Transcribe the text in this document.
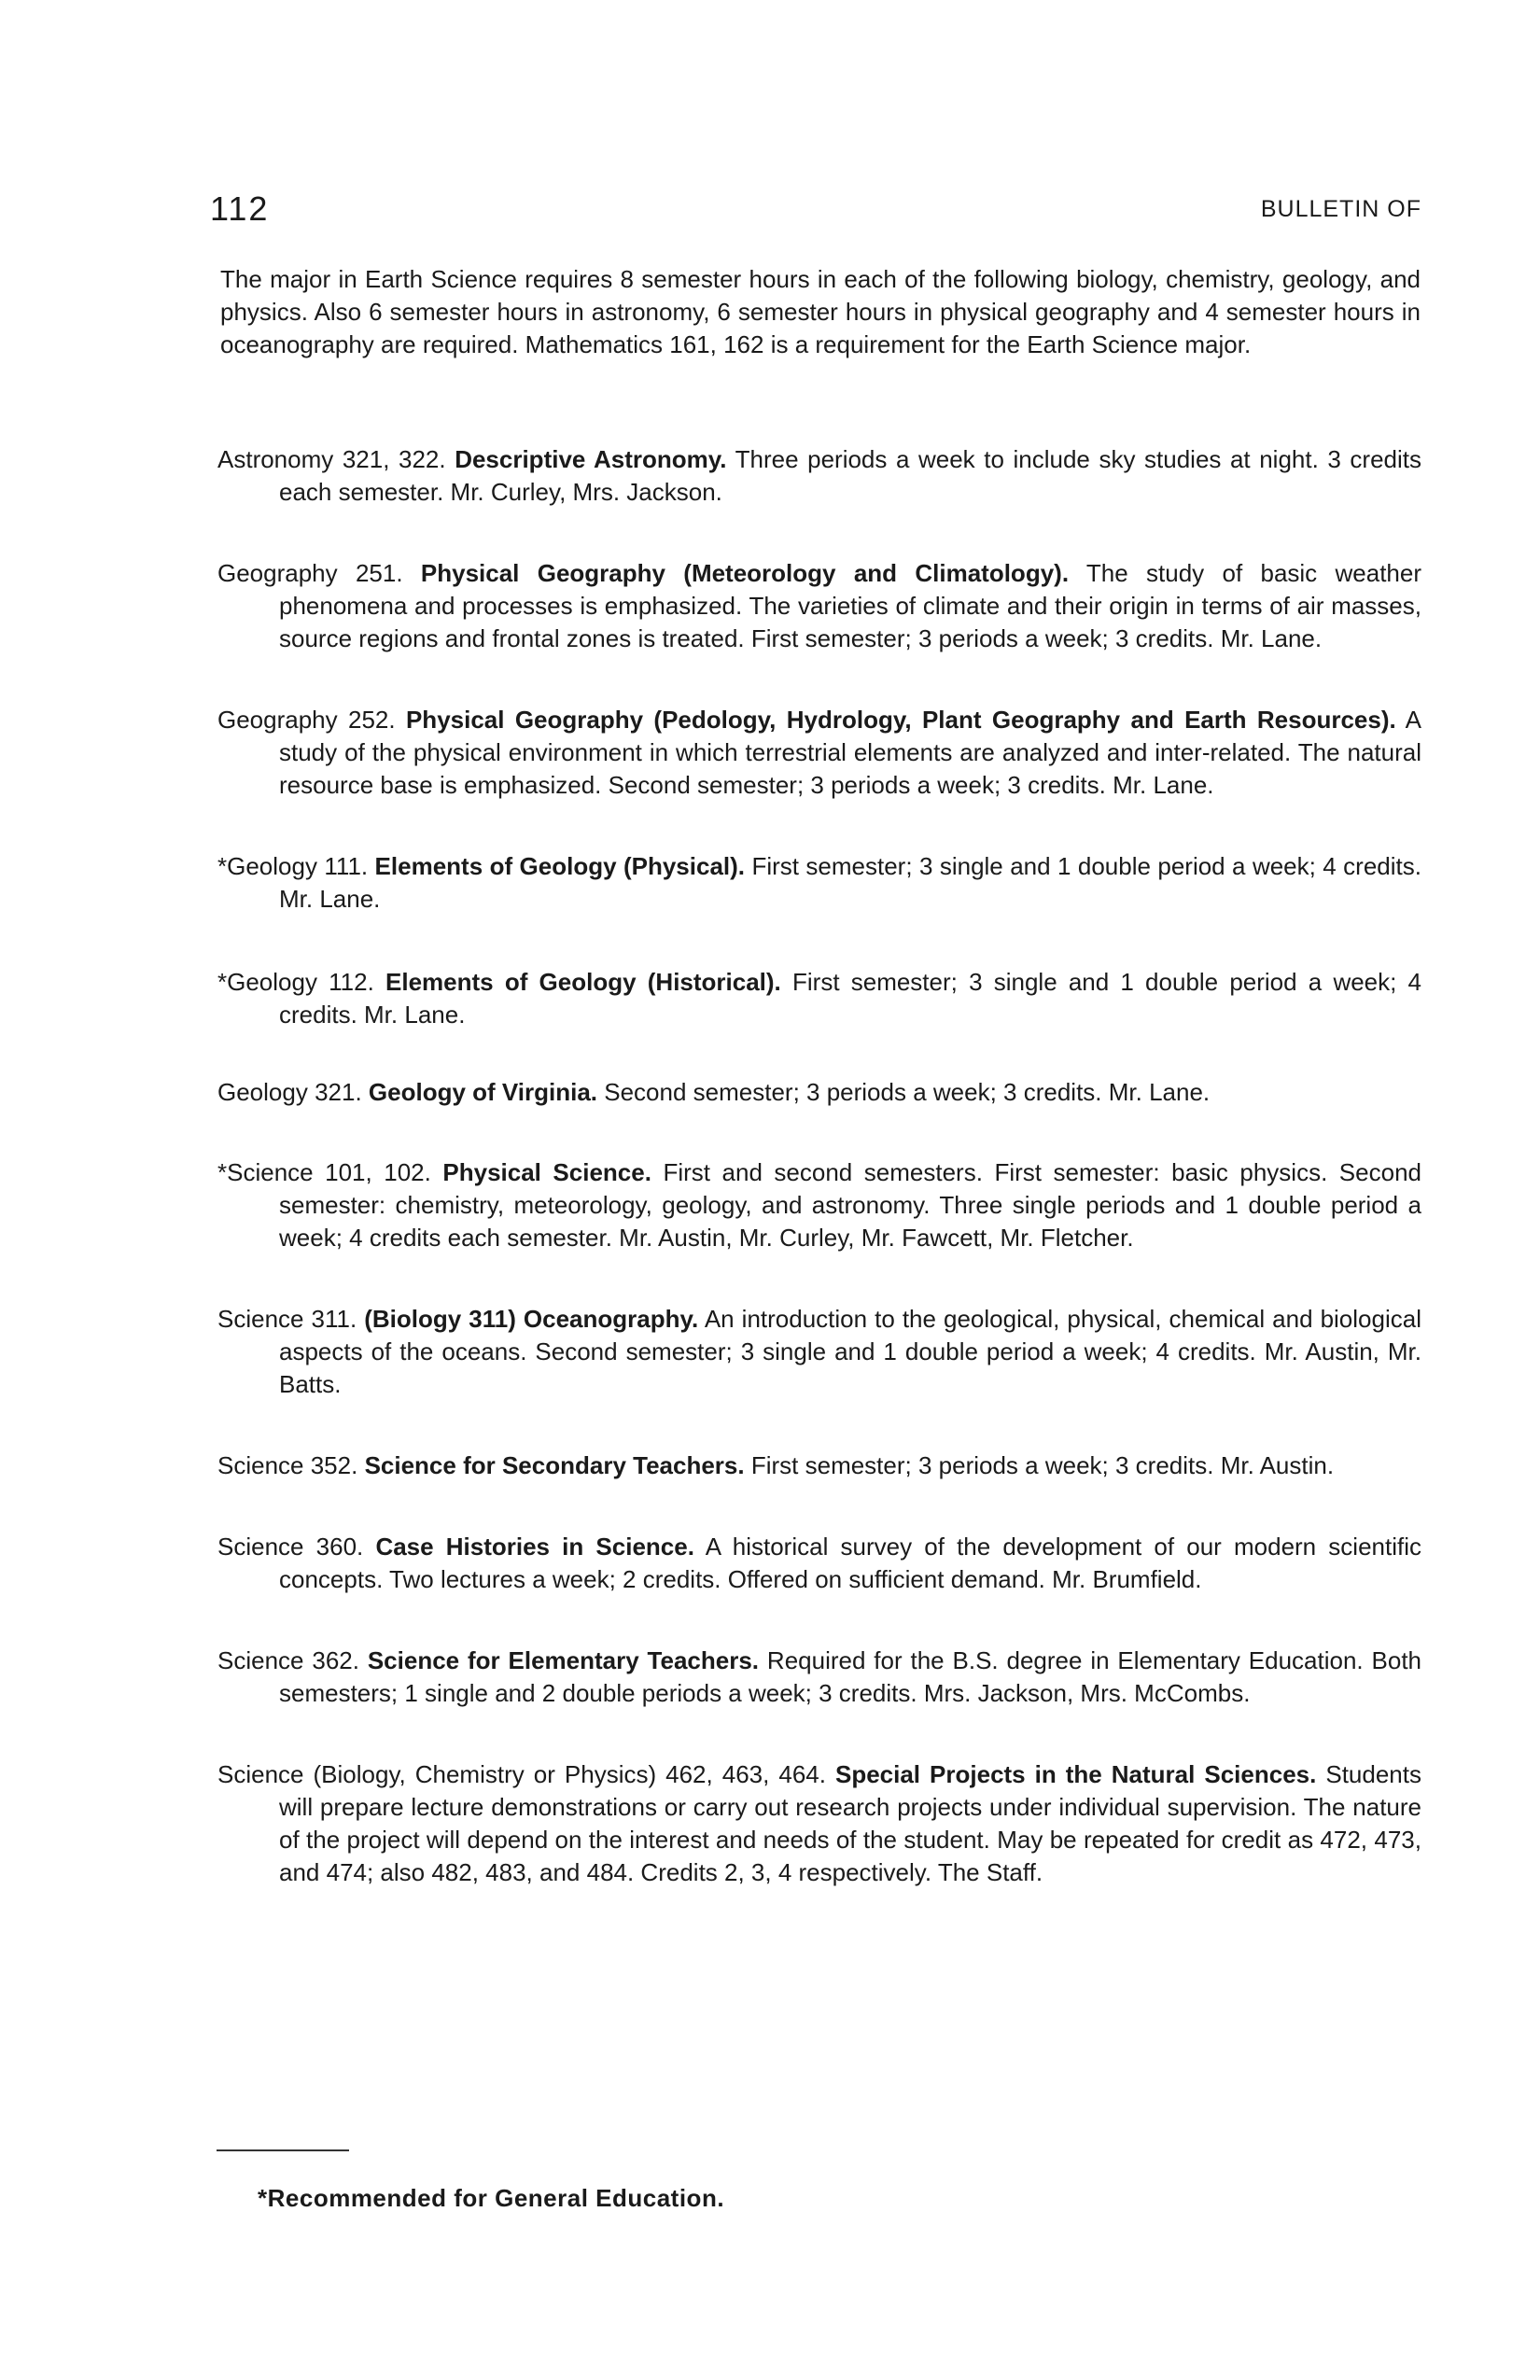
112	BULLETIN OF

The major in Earth Science requires 8 semester hours in each of the following biology, chemistry, geology, and physics. Also 6 semester hours in astronomy, 6 semester hours in physical geography and 4 semester hours in oceanography are required. Mathematics 161, 162 is a requirement for the Earth Science major.

Astronomy 321, 322. Descriptive Astronomy. Three periods a week to include sky studies at night. 3 credits each semester. Mr. Curley, Mrs. Jackson.

Geography 251. Physical Geography (Meteorology and Climatology). The study of basic weather phenomena and processes is emphasized. The varieties of climate and their origin in terms of air masses, source regions and frontal zones is treated. First semester; 3 periods a week; 3 credits. Mr. Lane.

Geography 252. Physical Geography (Pedology, Hydrology, Plant Geography and Earth Resources). A study of the physical environment in which terrestrial elements are analyzed and inter-related. The natural resource base is emphasized. Second semester; 3 periods a week; 3 credits. Mr. Lane.

*Geology 111. Elements of Geology (Physical). First semester; 3 single and 1 double period a week; 4 credits. Mr. Lane.

*Geology 112. Elements of Geology (Historical). First semester; 3 single and 1 double period a week; 4 credits. Mr. Lane.

Geology 321. Geology of Virginia. Second semester; 3 periods a week; 3 credits. Mr. Lane.

*Science 101, 102. Physical Science. First and second semesters. First semester: basic physics. Second semester: chemistry, meteorology, geology, and astronomy. Three single periods and 1 double period a week; 4 credits each semester. Mr. Austin, Mr. Curley, Mr. Fawcett, Mr. Fletcher.

Science 311. (Biology 311) Oceanography. An introduction to the geological, physical, chemical and biological aspects of the oceans. Second semester; 3 single and 1 double period a week; 4 credits. Mr. Austin, Mr. Batts.

Science 352. Science for Secondary Teachers. First semester; 3 periods a week; 3 credits. Mr. Austin.

Science 360. Case Histories in Science. A historical survey of the development of our modern scientific concepts. Two lectures a week; 2 credits. Offered on sufficient demand. Mr. Brumfield.

Science 362. Science for Elementary Teachers. Required for the B.S. degree in Elementary Education. Both semesters; 1 single and 2 double periods a week; 3 credits. Mrs. Jackson, Mrs. McCombs.

Science (Biology, Chemistry or Physics) 462, 463, 464. Special Projects in the Natural Sciences. Students will prepare lecture demonstrations or carry out research projects under individual supervision. The nature of the project will depend on the interest and needs of the student. May be repeated for credit as 472, 473, and 474; also 482, 483, and 484. Credits 2, 3, 4 respectively. The Staff.

*Recommended for General Education.
